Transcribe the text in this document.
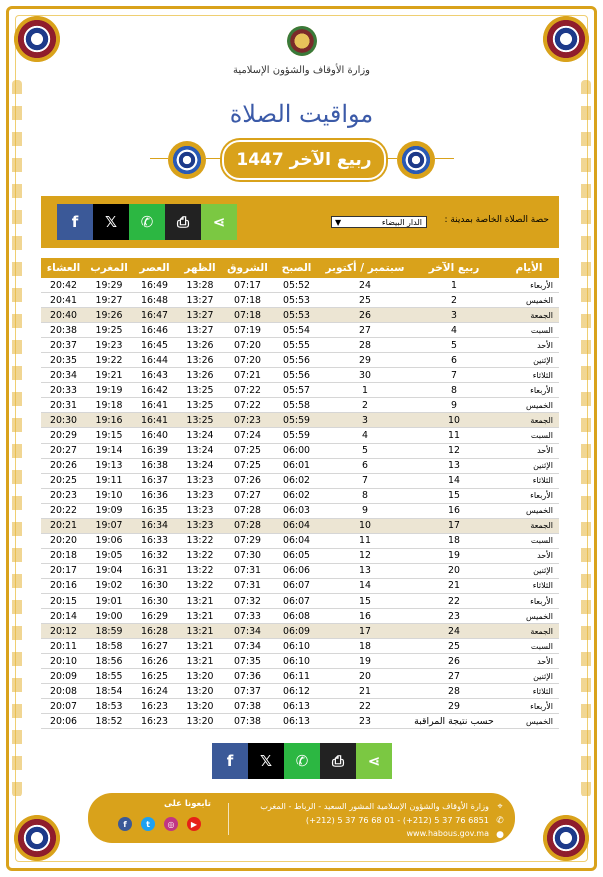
وزارة الأوقاف والشؤون الإسلامية
مواقيت الصلاة
ربيع الآخر 1447
f	𝕏	✆	⎙	⋖	حصة الصلاة الخاصة بمدينة :
الدار البيضاء
▼
الأيام	ربيع الآخر	سبتمبر / أكتوبر	الصبح	الشروق	الظهر	العصر	المغرب	العشاء
الأربعاء	1	24	05:52	07:17	13:28	16:49	19:29	20:42
الخميس	2	25	05:53	07:18	13:27	16:48	19:27	20:41
الجمعة	3	26	05:53	07:18	13:27	16:47	19:26	20:40
السبت	4	27	05:54	07:19	13:27	16:46	19:25	20:38
الأحد	5	28	05:55	07:20	13:26	16:45	19:23	20:37
الإثنين	6	29	05:56	07:20	13:26	16:44	19:22	20:35
الثلاثاء	7	30	05:56	07:21	13:26	16:43	19:21	20:34
الأربعاء	8	1	05:57	07:22	13:25	16:42	19:19	20:33
الخميس	9	2	05:58	07:22	13:25	16:41	19:18	20:31
الجمعة	10	3	05:59	07:23	13:25	16:41	19:16	20:30
السبت	11	4	05:59	07:24	13:24	16:40	19:15	20:29
الأحد	12	5	06:00	07:25	13:24	16:39	19:14	20:27
الإثنين	13	6	06:01	07:25	13:24	16:38	19:13	20:26
الثلاثاء	14	7	06:02	07:26	13:23	16:37	19:11	20:25
الأربعاء	15	8	06:02	07:27	13:23	16:36	19:10	20:23
الخميس	16	9	06:03	07:28	13:23	16:35	19:09	20:22
الجمعة	17	10	06:04	07:28	13:23	16:34	19:07	20:21
السبت	18	11	06:04	07:29	13:22	16:33	19:06	20:20
الأحد	19	12	06:05	07:30	13:22	16:32	19:05	20:18
الإثنين	20	13	06:06	07:31	13:22	16:31	19:04	20:17
الثلاثاء	21	14	06:07	07:31	13:22	16:30	19:02	20:16
الأربعاء	22	15	06:07	07:32	13:21	16:30	19:01	20:15
الخميس	23	16	06:08	07:33	13:21	16:29	19:00	20:14
الجمعة	24	17	06:09	07:34	13:21	16:28	18:59	20:12
السبت	25	18	06:10	07:34	13:21	16:27	18:58	20:11
الأحد	26	19	06:10	07:35	13:21	16:26	18:56	20:10
الإثنين	27	20	06:11	07:36	13:20	16:25	18:55	20:09
الثلاثاء	28	21	06:12	07:37	13:20	16:24	18:54	20:08
الأربعاء	29	22	06:13	07:38	13:20	16:23	18:53	20:07
الخميس	حسب نتيجة المراقبة	23	06:13	07:38	13:20	16:23	18:52	20:06
f	𝕏	✆	⎙	⋖
⌖
وزارة الأوقاف والشؤون الإسلامية المشور السعيد - الرباط - المغرب
✆
(+212) 5 37 76 68 01 - (+212) 5 37 76 6851
●
www.habous.gov.ma
تابعونا على
f	t	◎	▶
